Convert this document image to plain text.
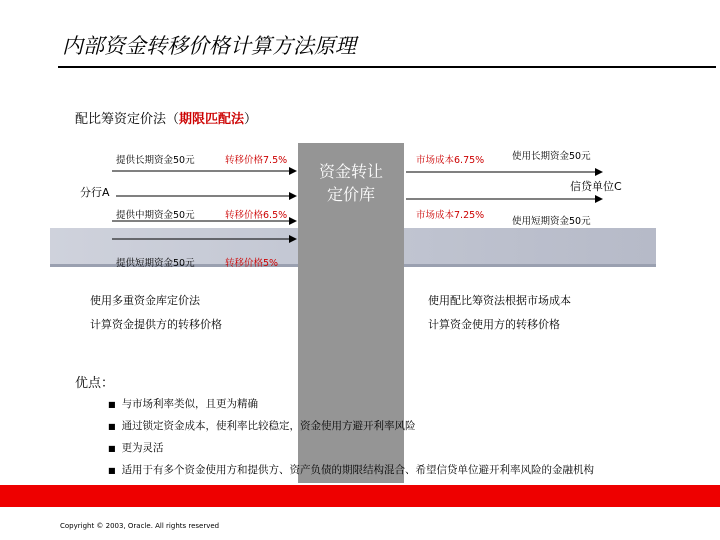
内部资金转移价格计算方法原理
配比筹资定价法（期限匹配法）
资金转让
定价库
提供长期资金50元	转移价格7.5%
分行A
提供中期资金50元	转移价格6.5%
提供短期资金50元	转移价格5%
市场成本6.75%	使用长期资金50元
信贷单位C
市场成本7.25%
使用短期资金50元
使用多重资金库定价法
计算资金提供方的转移价格
使用配比筹资法根据市场成本
计算资金使用方的转移价格
优点：
■ 与市场利率类似，且更为精确
■ 通过锁定资金成本，使利率比较稳定，资金使用方避开利率风险
■ 更为灵活
■ 适用于有多个资金使用方和提供方、资产负债的期限结构混合、希望信贷单位避开利率风险的金融机构
Copyright © 2003, Oracle. All rights reserved
